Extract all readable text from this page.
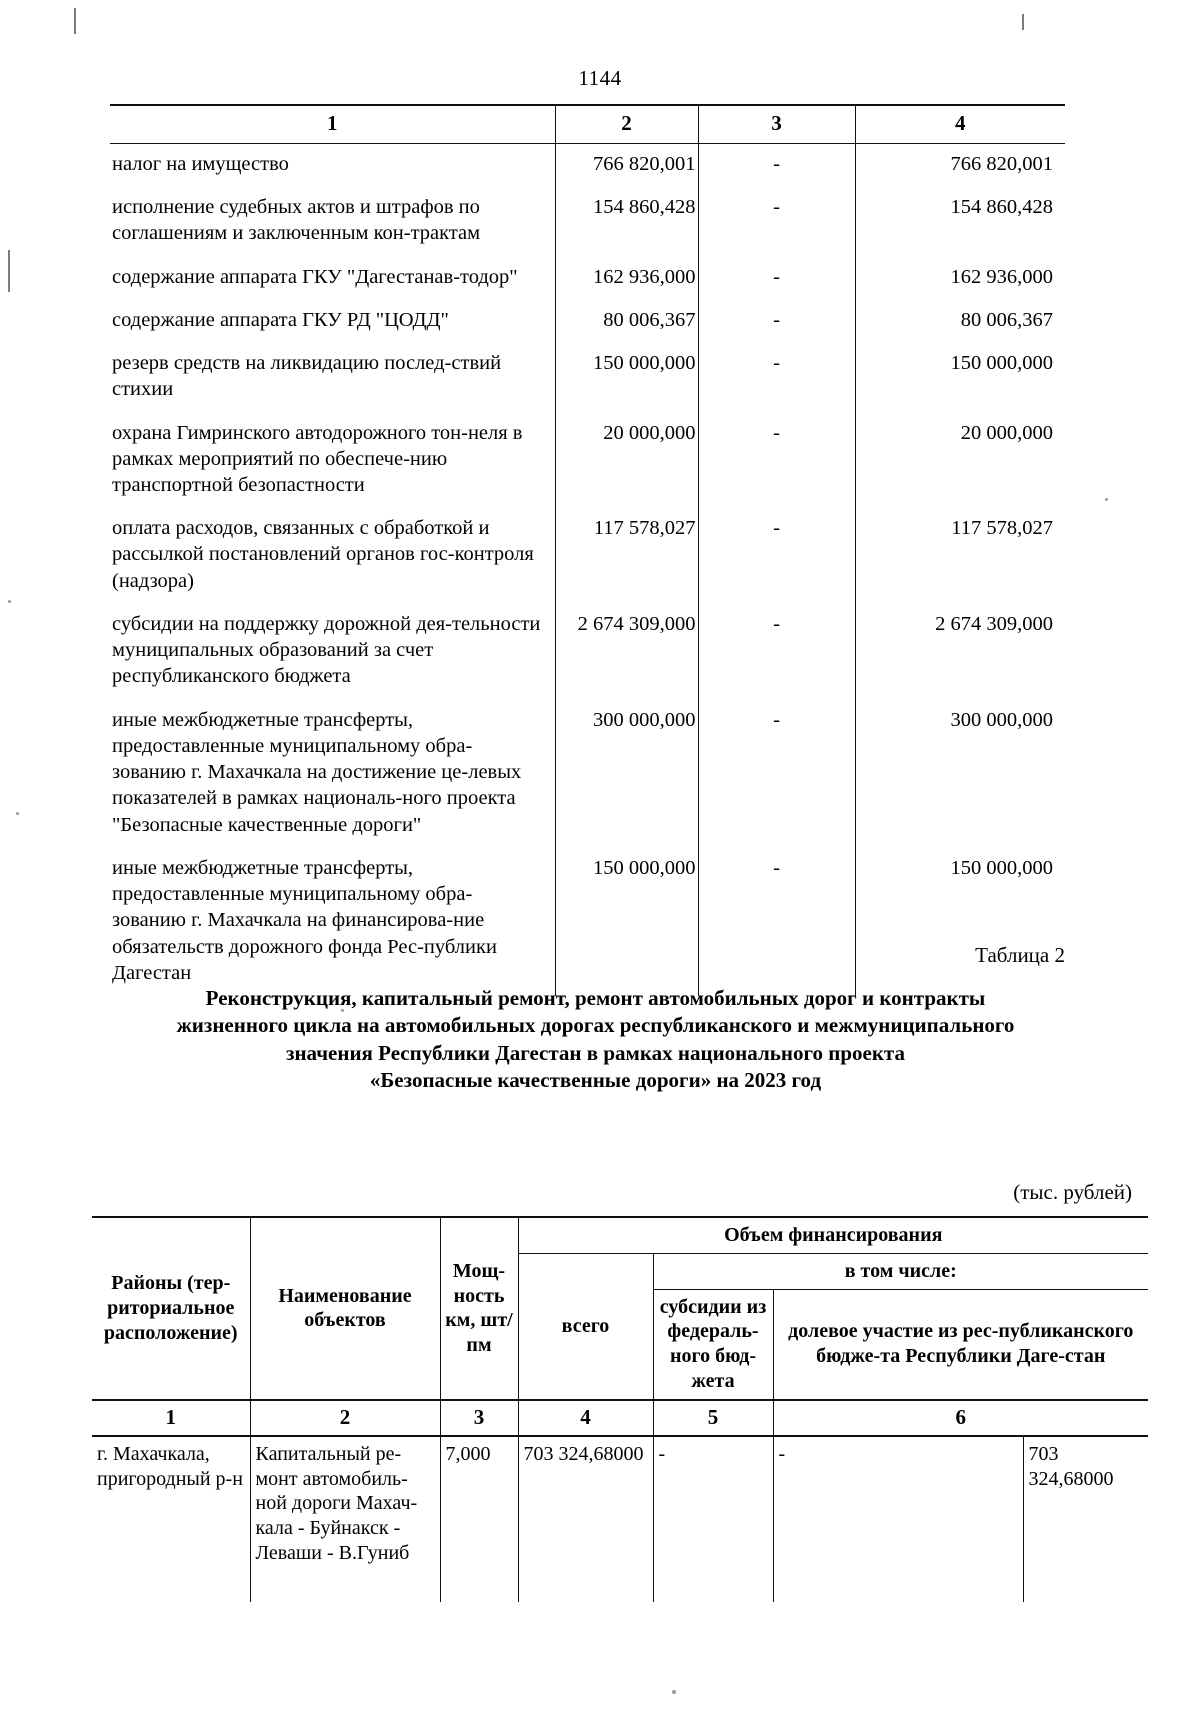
1144
1	2	3	4
налог на имущество	766 820,001	-	766 820,001
исполнение судебных актов и штрафов по соглашениям и заключенным кон-трактам	154 860,428	-	154 860,428
содержание аппарата ГКУ "Дагестанав-тодор"	162 936,000	-	162 936,000
содержание аппарата ГКУ РД "ЦОДД"	80 006,367	-	80 006,367
резерв средств на ликвидацию послед-ствий стихии	150 000,000	-	150 000,000
охрана Гимринского автодорожного тон-неля в рамках мероприятий по обеспече-нию транспортной безопастности	20 000,000	-	20 000,000
оплата расходов, связанных с обработкой и рассылкой постановлений органов гос-контроля (надзора)	117 578,027	-	117 578,027
субсидии на поддержку дорожной дея-тельности муниципальных образований за счет республиканского бюджета	2 674 309,000	-	2 674 309,000
иные межбюджетные трансферты, предоставленные муниципальному обра-зованию г. Махачкала на достижение це-левых показателей в рамках националь-ного проекта "Безопасные качественные дороги"	300 000,000	-	300 000,000
иные межбюджетные трансферты, предоставленные муниципальному обра-зованию г. Махачкала на финансирова-ние обязательств дорожного фонда Рес-публики Дагестан	150 000,000	-	150 000,000
Таблица 2
Реконструкция, капитальный ремонт, ремонт автомобильных дорог и контракты
жизненного цикла на автомобильных дорогах республиканского и межмуниципального
значения Республики Дагестан в рамках национального проекта
«Безопасные качественные дороги» на 2023 год
(тыс. рублей)
Районы (тер-риториальное расположение)	Наименование объектов	Мощ-ность км, шт/пм	Объем финансирования			
			всего	в том числе:		
				субсидии из федераль-ного бюд-жета	долевое участие из рес-публиканского бюдже-та Республики Даге-стан	
1	2	3	4	5	6	
г. Махачкала, пригородный р-н	Капитальный ре-монт автомобиль-ной дороги Махач-кала - Буйнакск - Леваши - В.Гуниб	7,000	703 324,68000	-	-	703 324,68000
